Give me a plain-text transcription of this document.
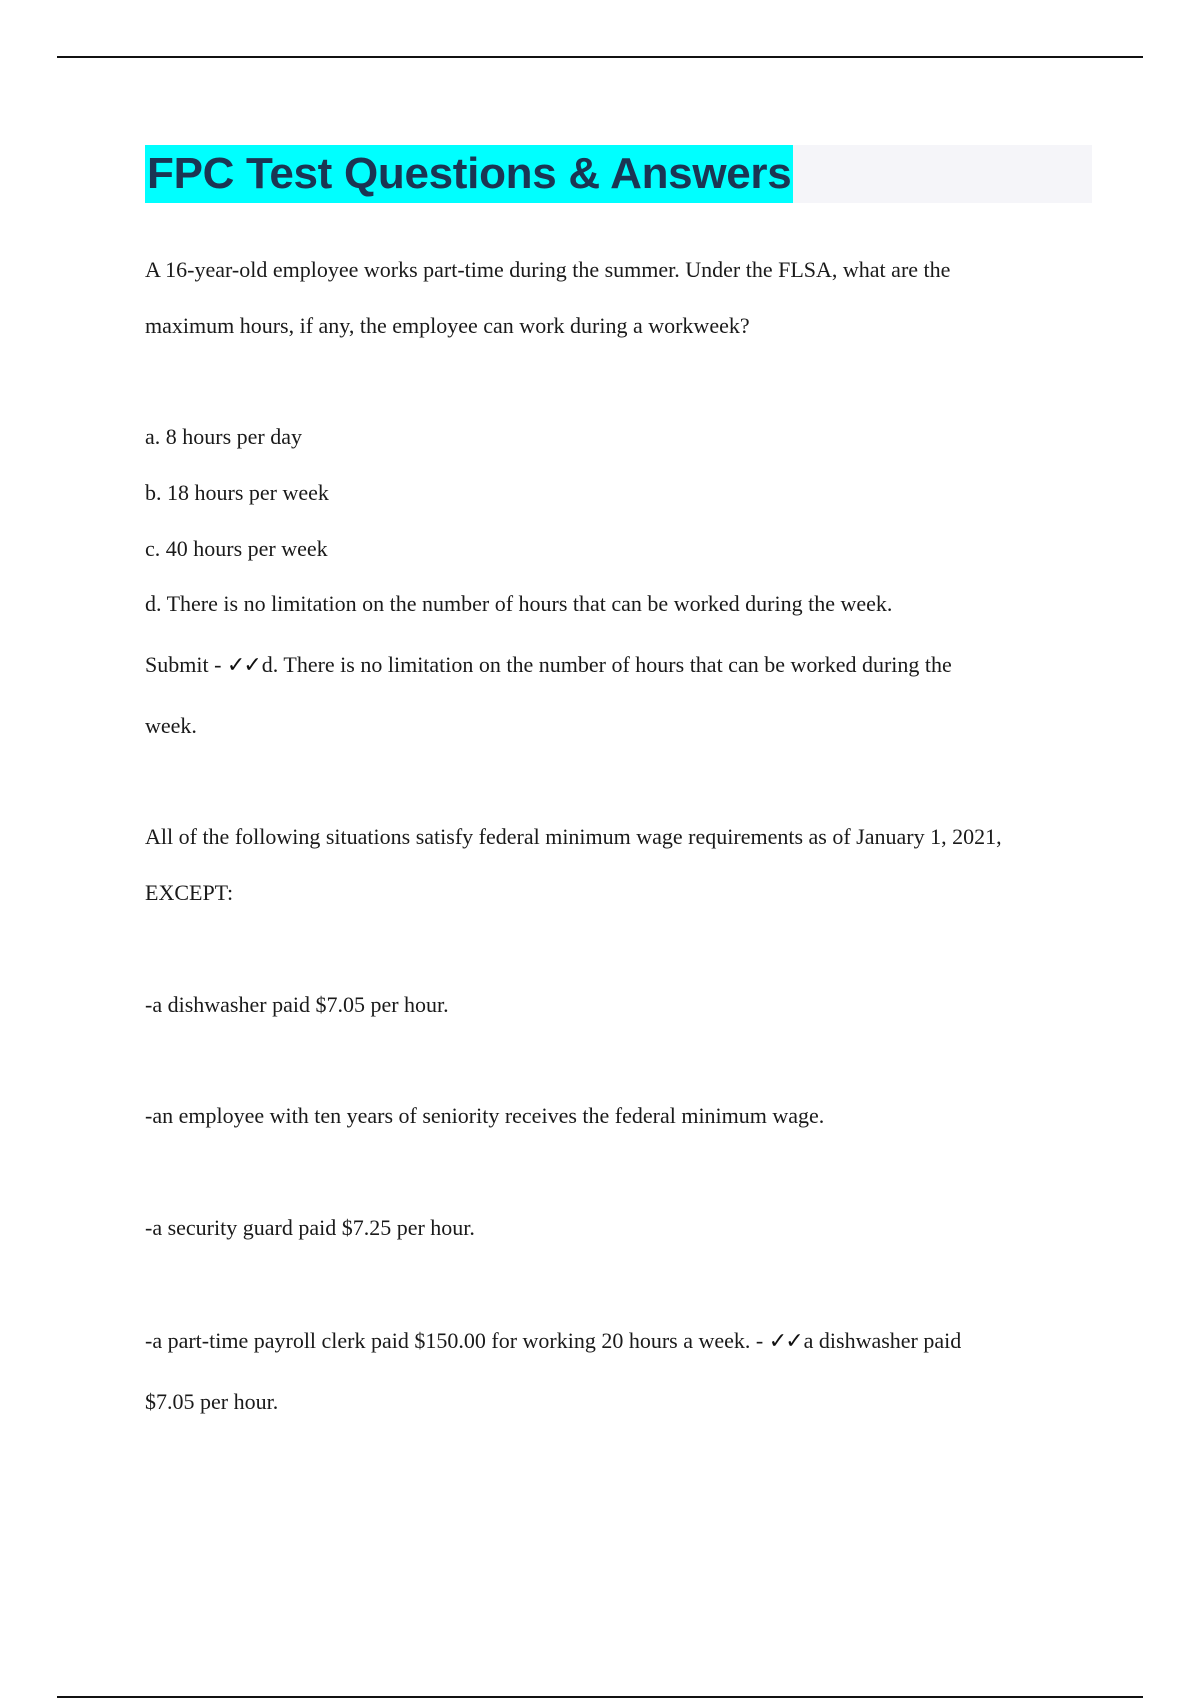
FPC Test Questions & Answers
A 16-year-old employee works part-time during the summer. Under the FLSA, what are the
maximum hours, if any, the employee can work during a workweek?
a. 8 hours per day
b. 18 hours per week
c. 40 hours per week
d. There is no limitation on the number of hours that can be worked during the week.
Submit - ✓✓d. There is no limitation on the number of hours that can be worked during the
week.
All of the following situations satisfy federal minimum wage requirements as of January 1, 2021,
EXCEPT:
-a dishwasher paid $7.05 per hour.
-an employee with ten years of seniority receives the federal minimum wage.
-a security guard paid $7.25 per hour.
-a part-time payroll clerk paid $150.00 for working 20 hours a week. - ✓✓a dishwasher paid
$7.05 per hour.
